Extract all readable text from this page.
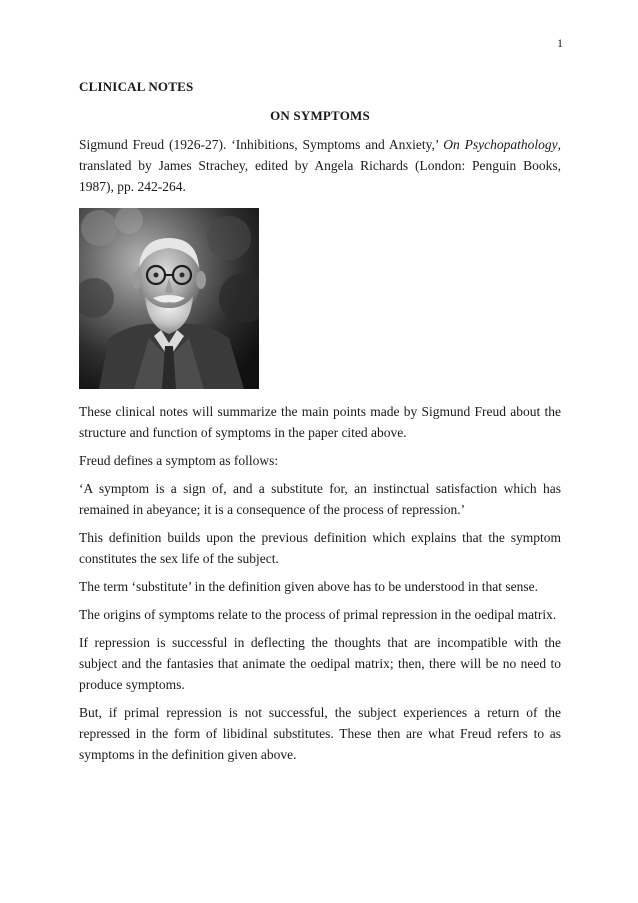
1

CLINICAL NOTES

ON SYMPTOMS

Sigmund Freud (1926-27). ‘Inhibitions, Symptoms and Anxiety,’ On Psychopathology, translated by James Strachey, edited by Angela Richards (London: Penguin Books, 1987), pp. 242-264.

These clinical notes will summarize the main points made by Sigmund Freud about the structure and function of symptoms in the paper cited above.

Freud defines a symptom as follows:

‘A symptom is a sign of, and a substitute for, an instinctual satisfaction which has remained in abeyance; it is a consequence of the process of repression.’

This definition builds upon the previous definition which explains that the symptom constitutes the sex life of the subject.

The term ‘substitute’ in the definition given above has to be understood in that sense.

The origins of symptoms relate to the process of primal repression in the oedipal matrix.

If repression is successful in deflecting the thoughts that are incompatible with the subject and the fantasies that animate the oedipal matrix; then, there will be no need to produce symptoms.

But, if primal repression is not successful, the subject experiences a return of the repressed in the form of libidinal substitutes. These then are what Freud refers to as symptoms in the definition given above.
